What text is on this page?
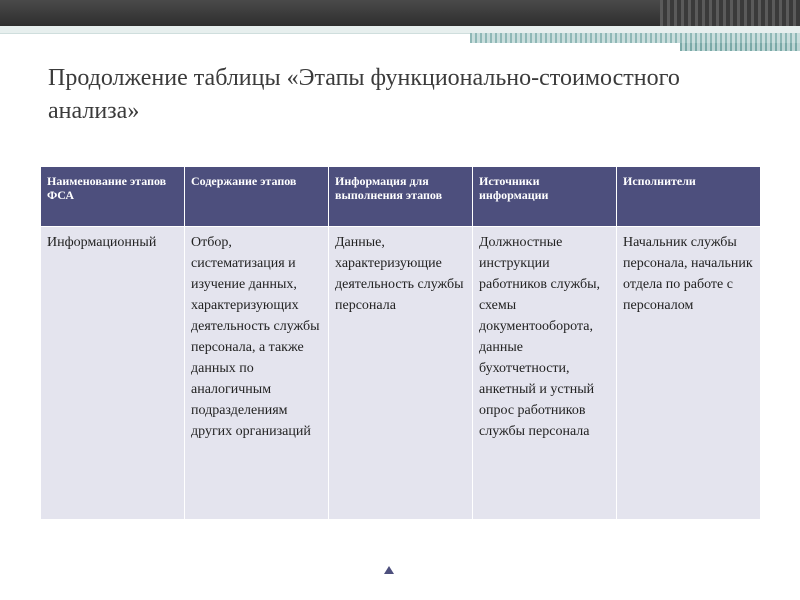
Продолжение таблицы «Этапы функционально-стоимостного анализа»
Наименование этапов ФСА	Содержание этапов	Информация для выполнения этапов	Источники информации	Исполнители
Информационный	Отбор, систематизация и изучение данных, характеризующих деятельность службы персонала, а также данных по аналогичным подразделениям других организаций	Данные, характеризующие деятельность службы персонала	Должностные инструкции работников службы, схемы документооборота, данные бухотчетности, анкетный и устный опрос работников службы персонала	Начальник службы персонала, начальник отдела по работе с персоналом
